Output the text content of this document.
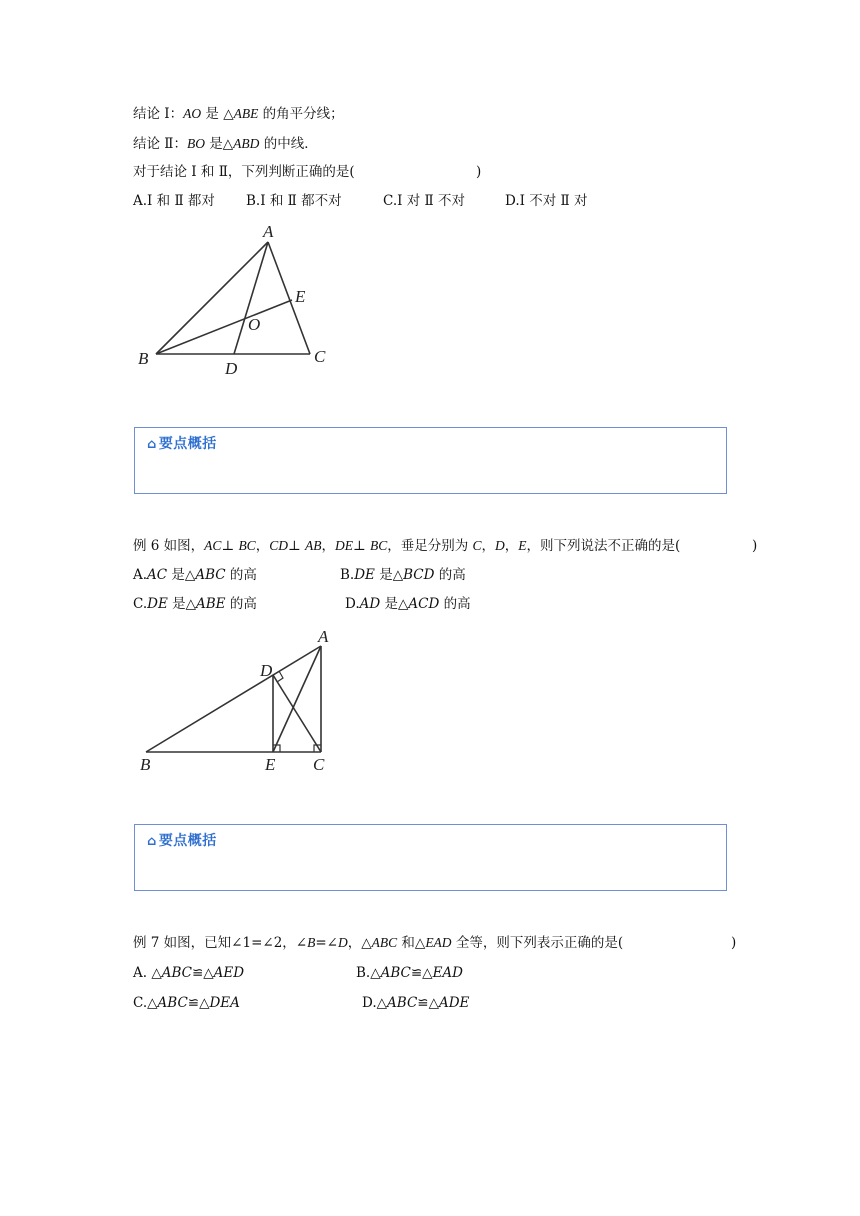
结论 I：AO 是 △ABE 的角平分线；
结论 Ⅱ：BO 是△ABD 的中线．
对于结论 I 和 Ⅱ，下列判断正确的是(	)
A.I 和 Ⅱ 都对 B.I 和 Ⅱ 都不对	C.I 对 Ⅱ 不对	D.I 不对 Ⅱ 对
A
B	C
D
E
O
⌂ 要点概括
例 6 如图，AC⊥ BC，CD⊥ AB，DE⊥ BC，垂足分别为 C，D，E，则下列说法不正确的是(	)
A.AC 是△ABC 的高	B.DE 是△BCD 的高
C.DE 是△ABE 的高	D.AD 是△ACD 的高
A
B	C
D
E
⌂ 要点概括
例 7 如图，已知∠1=∠2，∠B=∠D，△ABC 和△EAD 全等，则下列表示正确的是(	)
A. △ABC≌△AED	B.△ABC≌△EAD
C.△ABC≌△DEA	D.△ABC≌△ADE
